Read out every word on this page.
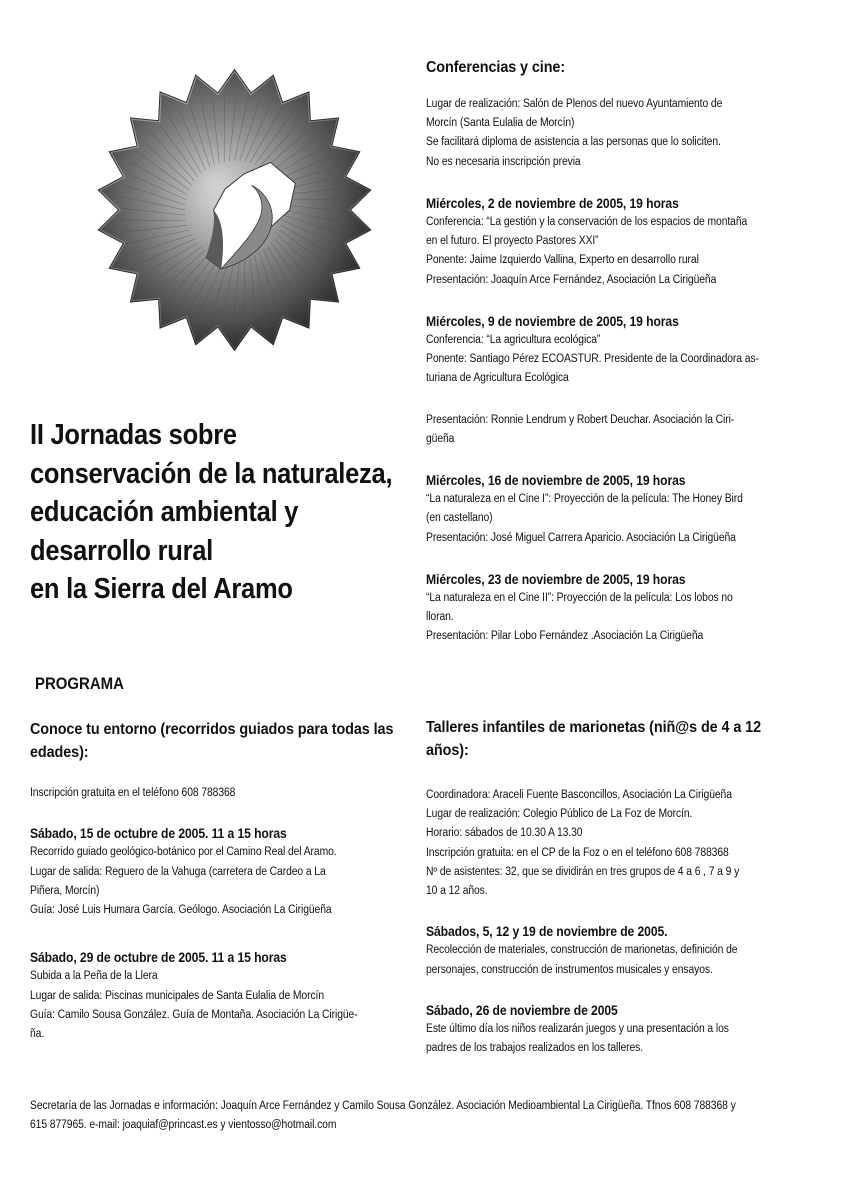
II Jornadas sobre

conservación de la naturaleza,

educación ambiental y

desarrollo rural

en la Sierra del Aramo

PROGRAMA

Conferencias y cine:

Lugar de realización: Salón de Plenos del nuevo Ayuntamiento de

Morcín (Santa Eulalia de Morcín)

Se facilitará diploma de asistencia a las personas que lo soliciten.

No es necesaria inscripción previa

Miércoles, 2 de noviembre de 2005, 19 horas

Conferencia: “La gestión y la conservación de los espacios de montaña

en el futuro. El proyecto Pastores XXI”

Ponente: Jaime Izquierdo Vallina, Experto en desarrollo rural

Presentación: Joaquín Arce Fernández, Asociación La Cirigüeña

Miércoles, 9 de noviembre de 2005, 19 horas

Conferencia: “La agricultura ecológica”

Ponente: Santiago Pérez ECOASTUR. Presidente de la Coordinadora as-

turiana de Agricultura Ecológica

Presentación: Ronnie Lendrum y Robert Deuchar. Asociación la Ciri-

güeña

Miércoles, 16 de noviembre de 2005, 19 horas

“La naturaleza en el Cine I”: Proyección de la película: The Honey Bird

(en castellano)

Presentación: José Miguel Carrera Aparicio. Asociación La Cirigüeña

Miércoles, 23 de noviembre de 2005, 19 horas

“La naturaleza en el Cine II”: Proyección de la película: Los lobos no

lloran.

Presentación: Pilar Lobo Fernández .Asociación La Cirigüeña

Conoce tu entorno (recorridos guiados para todas las

edades):

Inscripción gratuita en el teléfono 608 788368

Sábado, 15 de octubre de 2005. 11 a 15 horas

Recorrido guiado geológico-botánico por el Camino Real del Aramo.

Lugar de salida: Reguero de la Vahuga (carretera de Cardeo a La

Piñera, Morcín)

Guía: José Luis Humara García. Geólogo. Asociación La Cirigüeña

Sábado, 29 de octubre de 2005. 11 a 15 horas

Subida a la Peña de la Llera

Lugar de salida: Piscinas municipales de Santa Eulalia de Morcín

Guía: Camilo Sousa González. Guía de Montaña. Asociación La Cirigüe-

ña.

Talleres infantiles de marionetas (niñ@s de 4 a 12

años):

Coordinadora: Araceli Fuente Basconcillos, Asociación La Cirigüeña

Lugar de realización: Colegio Público de La Foz de Morcín.

Horario: sábados de 10.30 A 13.30

Inscripción gratuita: en el CP de la Foz o en el teléfono 608 788368

Nº de asistentes: 32, que se dividirán en tres grupos de 4 a 6 , 7 a 9 y

10 a 12 años.

Sábados, 5, 12 y 19 de noviembre de 2005.

Recolección de materiales, construcción de marionetas, definición de

personajes, construcción de instrumentos musicales y ensayos.

Sábado, 26 de noviembre de 2005

Este último día los niños realizarán juegos y una presentación a los

padres de los trabajos realizados en los talleres.

Secretaría de las Jornadas e información: Joaquín Arce Fernández y Camilo Sousa González. Asociación Medioambiental La Cirigüeña. Tfnos 608 788368 y

615 877965. e-mail: joaquiaf@princast.es y vientosso@hotmail.com
